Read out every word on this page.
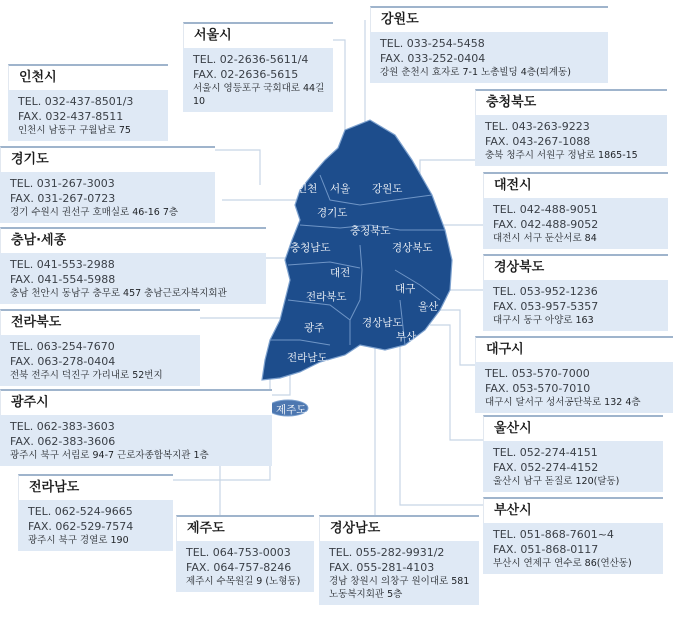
인천 서울 강원도
경기도
충청북도
충청남도	경상북도
대전
전라북도
대구
울산
광주	경상남도
부산
전라남도
제주도
서울시
TEL. 02-2636-5611/4
FAX. 02-2636-5615
서울시 영등포구 국회대로 44길 10
강원도
TEL. 033-254-5458
FAX. 033-252-0404
강원 춘천시 효자로 7-1 노총빌딩 4층(퇴계동)
인천시
TEL. 032-437-8501/3
FAX. 032-437-8511
인천시 남동구 구월남로 75
충청북도
TEL. 043-263-9223
FAX. 043-267-1088
충북 청주시 서원구 정남로 1865-15
경기도
TEL. 031-267-3003
FAX. 031-267-0723
경기 수원시 권선구 호매실로 46-16 7층
대전시
TEL. 042-488-9051
FAX. 042-488-9052
대전시 서구 둔산서로 84
충남·세종
TEL. 041-553-2988
FAX. 041-554-5988
충남 천안시 동남구 충무로 457 충남근로자복지회관
경상북도
TEL. 053-952-1236
FAX. 053-957-5357
대구시 동구 아양로 163
전라북도
TEL. 063-254-7670
FAX. 063-278-0404
전북 전주시 덕진구 가리내로 52번지
대구시
TEL. 053-570-7000
FAX. 053-570-7010
대구시 달서구 성서공단북로 132 4층
광주시
TEL. 062-383-3603
FAX. 062-383-3606
광주시 북구 서림로 94-7 근로자종합복지관 1층
울산시
TEL. 052-274-4151
FAX. 052-274-4152
울산시 남구 돋질로 120(달동)
전라남도
TEL. 062-524-9665
FAX. 062-529-7574
광주시 북구 경열로 190
제주도
TEL. 064-753-0003
FAX. 064-757-8246
제주시 수목원길 9 (노형동)
경상남도
TEL. 055-282-9931/2
FAX. 055-281-4103
경남 창원시 의창구 원이대로 581 노동복지회관 5층
부산시
TEL. 051-868-7601~4
FAX. 051-868-0117
부산시 연제구 연수로 86(연산동)
